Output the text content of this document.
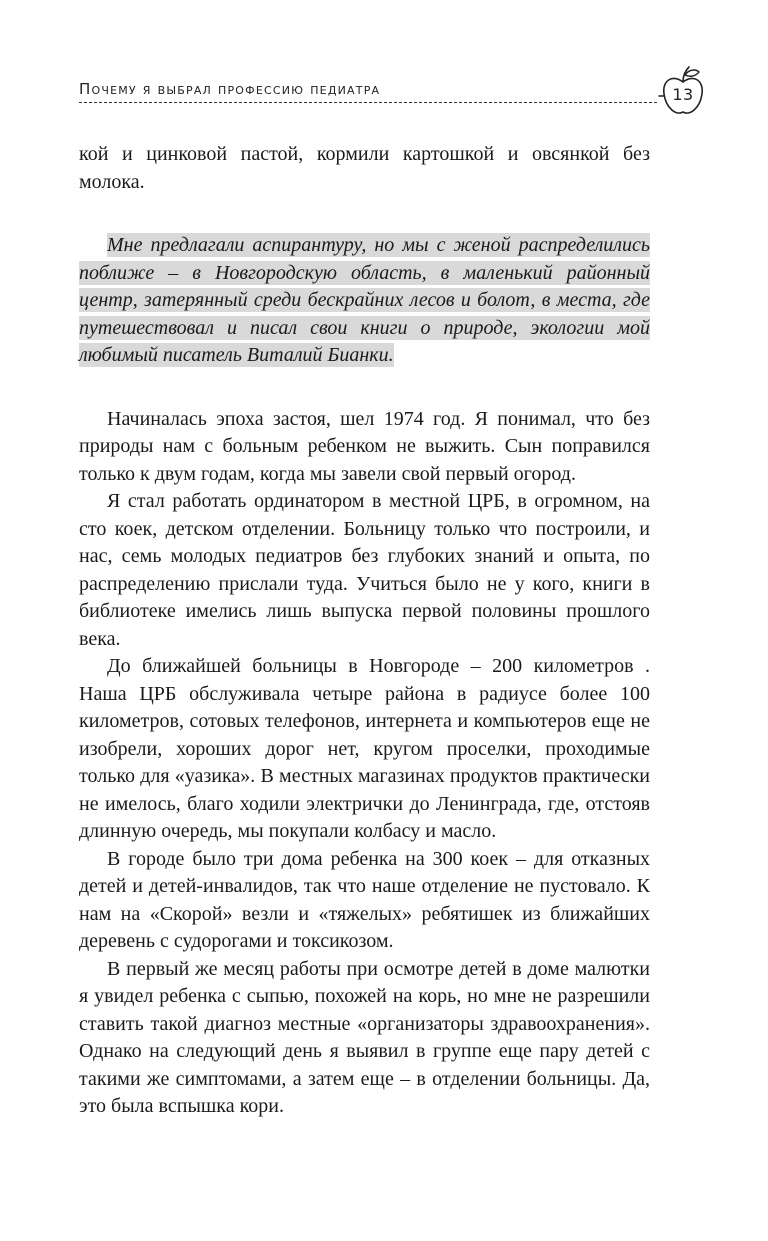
Почему я выбрал профессию педиатра	13

кой и цинковой пастой, кормили картошкой и овсянкой без молока.

Мне предлагали аспирантуру, но мы с женой распределились поближе – в Новгородскую область, в маленький районный центр, затерянный среди бескрайних лесов и болот, в места, где путешествовал и писал свои книги о природе, экологии мой любимый писатель Виталий Бианки.

Начиналась эпоха застоя, шел 1974 год. Я понимал, что без природы нам с больным ребенком не выжить. Сын поправился только к двум годам, когда мы завели свой первый огород.

Я стал работать ординатором в местной ЦРБ, в огромном, на сто коек, детском отделении. Больницу только что построили, и нас, семь молодых педиатров без глубоких знаний и опыта, по распределению прислали туда. Учиться было не у кого, книги в библиотеке имелись лишь выпуска первой половины прошлого века.

До ближайшей больницы в Новгороде – 200 километров . Наша ЦРБ обслуживала четыре района в радиусе более 100 километров, сотовых телефонов, интернета и компьютеров еще не изобрели, хороших дорог нет, кругом проселки, проходимые только для «уазика». В местных магазинах продуктов практически не имелось, благо ходили электрички до Ленинграда, где, отстояв длинную очередь, мы покупали колбасу и масло.

В городе было три дома ребенка на 300 коек – для отказных детей и детей-инвалидов, так что наше отделение не пустовало. К нам на «Скорой» везли и «тяжелых» ребятишек из ближайших деревень с судорогами и токсикозом.

В первый же месяц работы при осмотре детей в доме малютки я увидел ребенка с сыпью, похожей на корь, но мне не разрешили ставить такой диагноз местные «организаторы здравоохранения». Однако на следующий день я выявил в группе еще пару детей с такими же симптомами, а затем еще – в отделении больницы. Да, это была вспышка кори.
